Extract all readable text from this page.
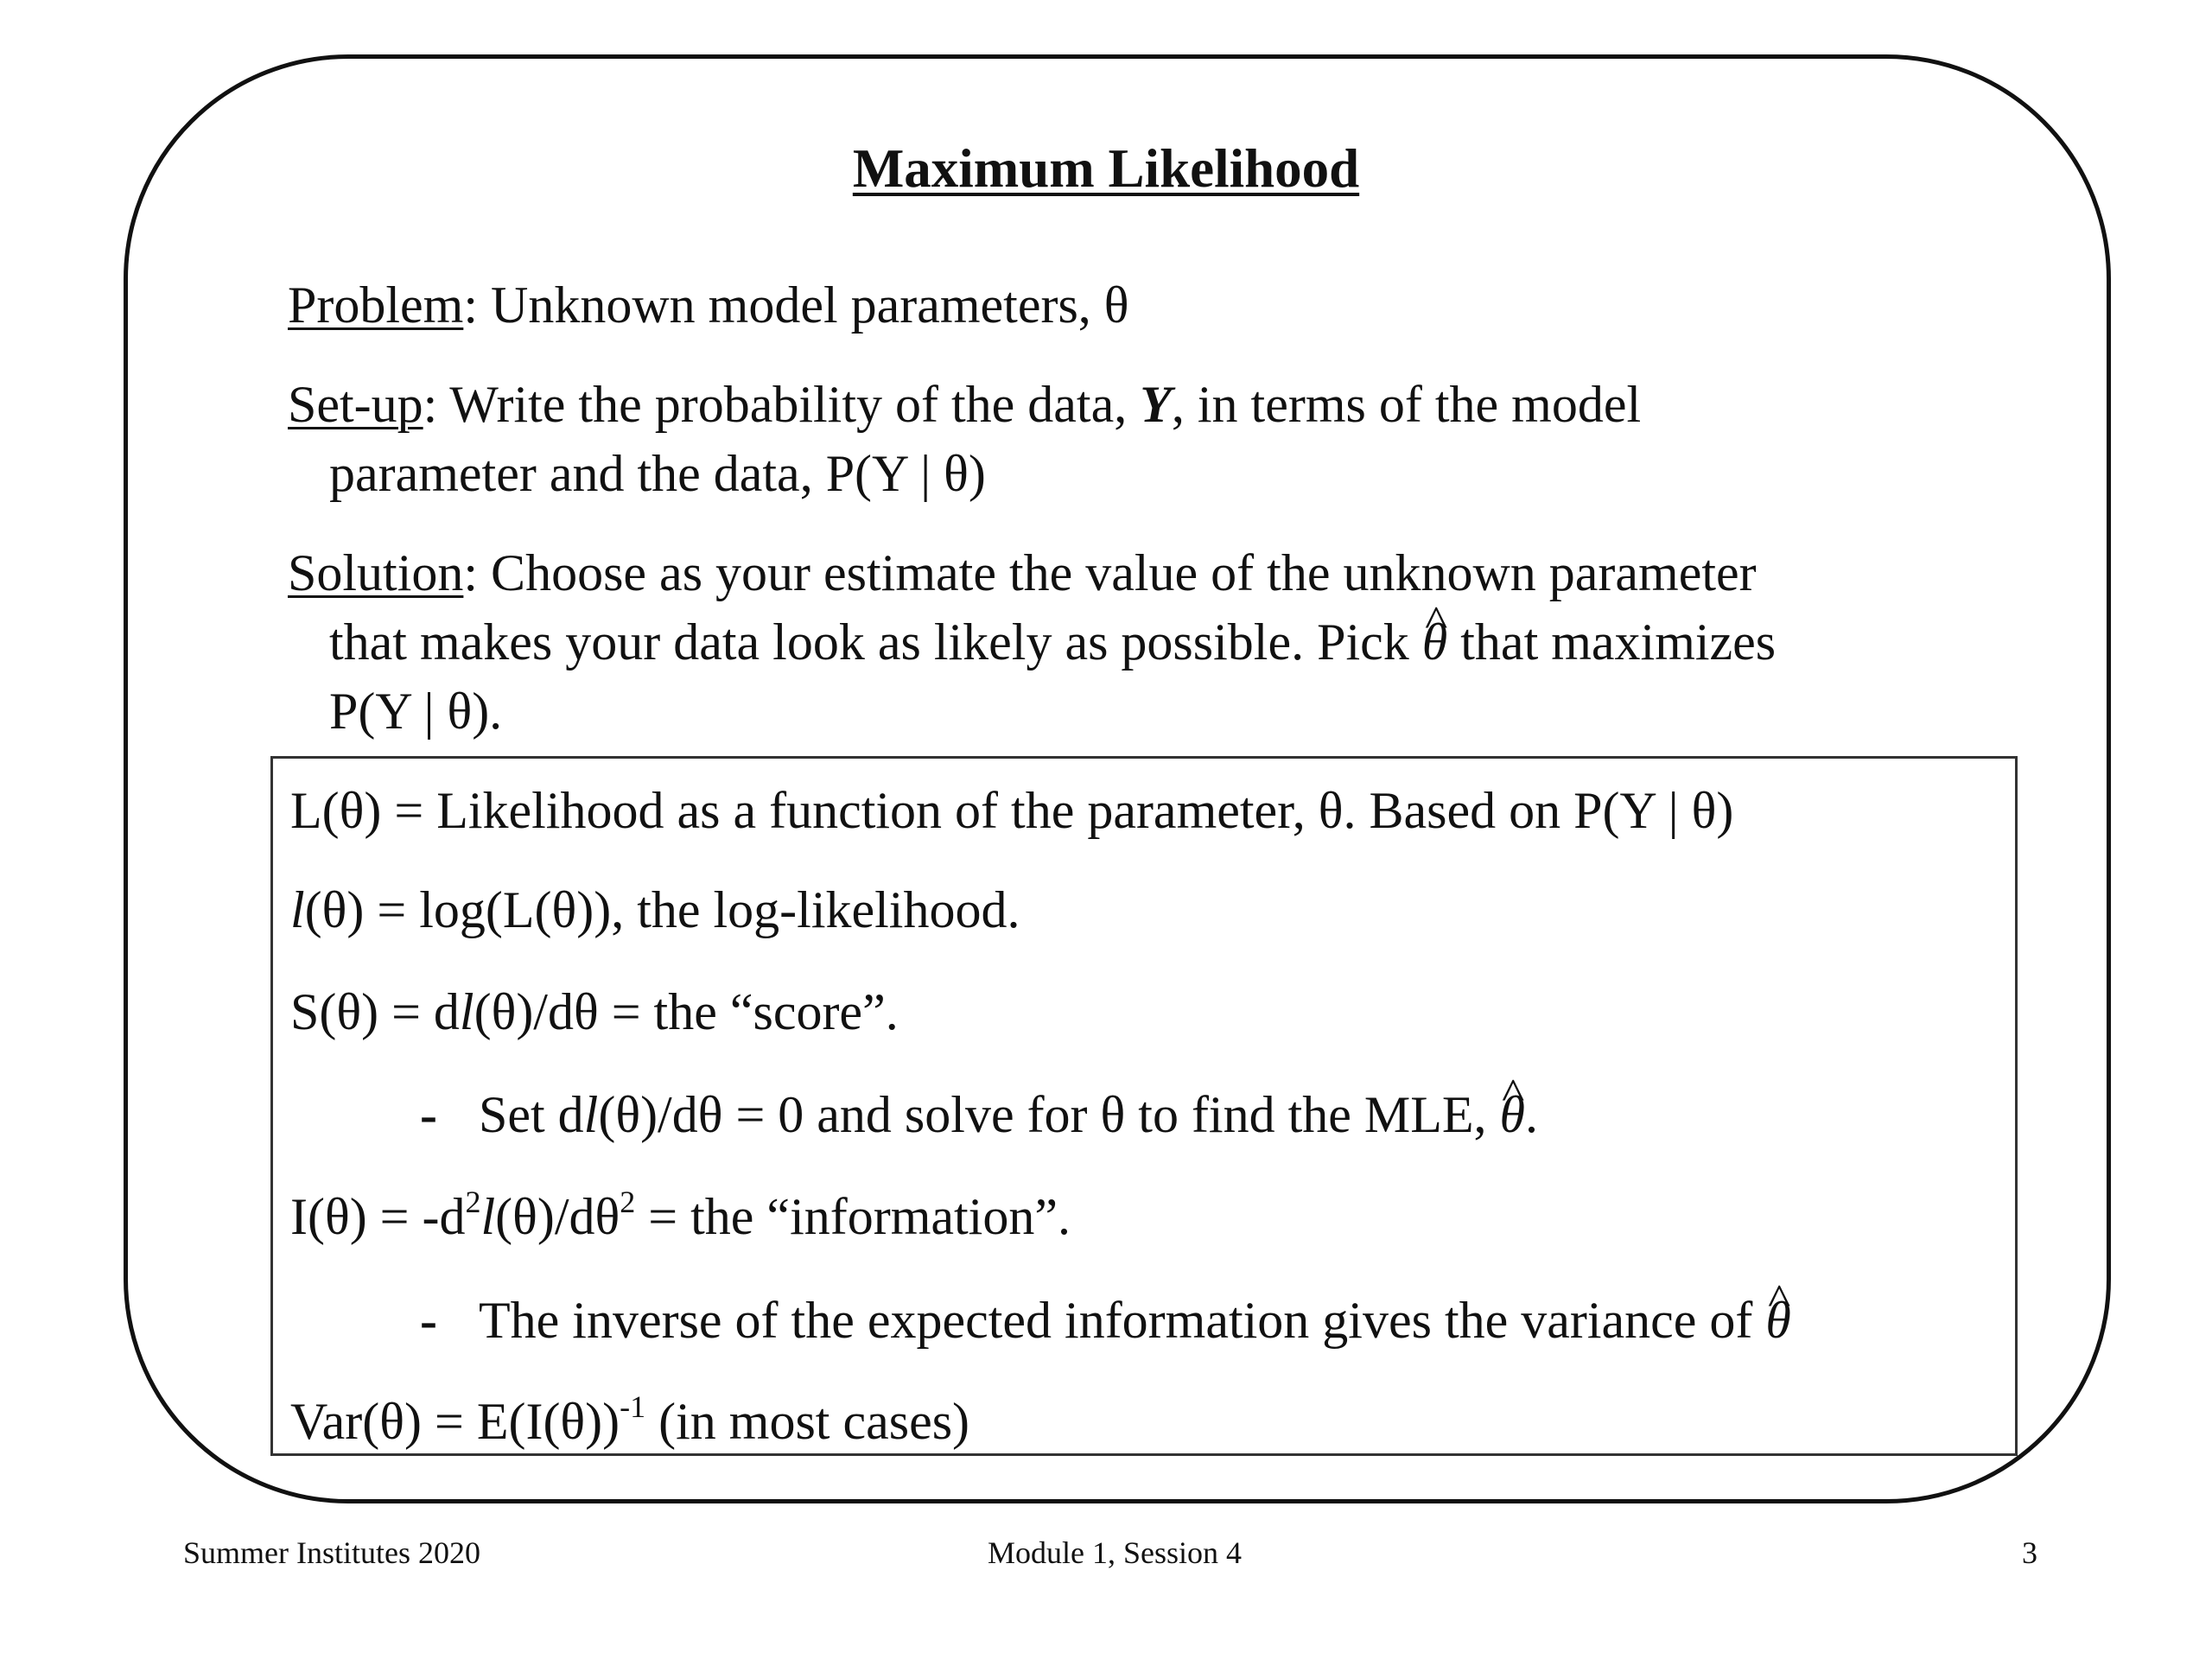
Maximum Likelihood
Problem: Unknown model parameters, θ
Set-up: Write the probability of the data, Y, in terms of the model
parameter and the data, P(Y | θ)
Solution: Choose as your estimate the value of the unknown parameter
that makes your data look as likely as possible. Pick ^ θ that maximizes
P(Y | θ).
L(θ) = Likelihood as a function of the parameter, θ. Based on P(Y | θ)
l(θ) = log(L(θ)), the log-likelihood.
S(θ) = dl(θ)/dθ = the “score”.
- Set dl(θ)/dθ = 0 and solve for θ to find the MLE, ^ θ.
$I(\theta) = -d^2l(\theta)/d\theta^2$ = the “information”.
- The inverse of the expected information gives the variance of ^ θ
$Var(\theta) = E(I(\theta))^{-1}$ (in most cases)
Summer Institutes 2020	Module 1, Session 4	3
